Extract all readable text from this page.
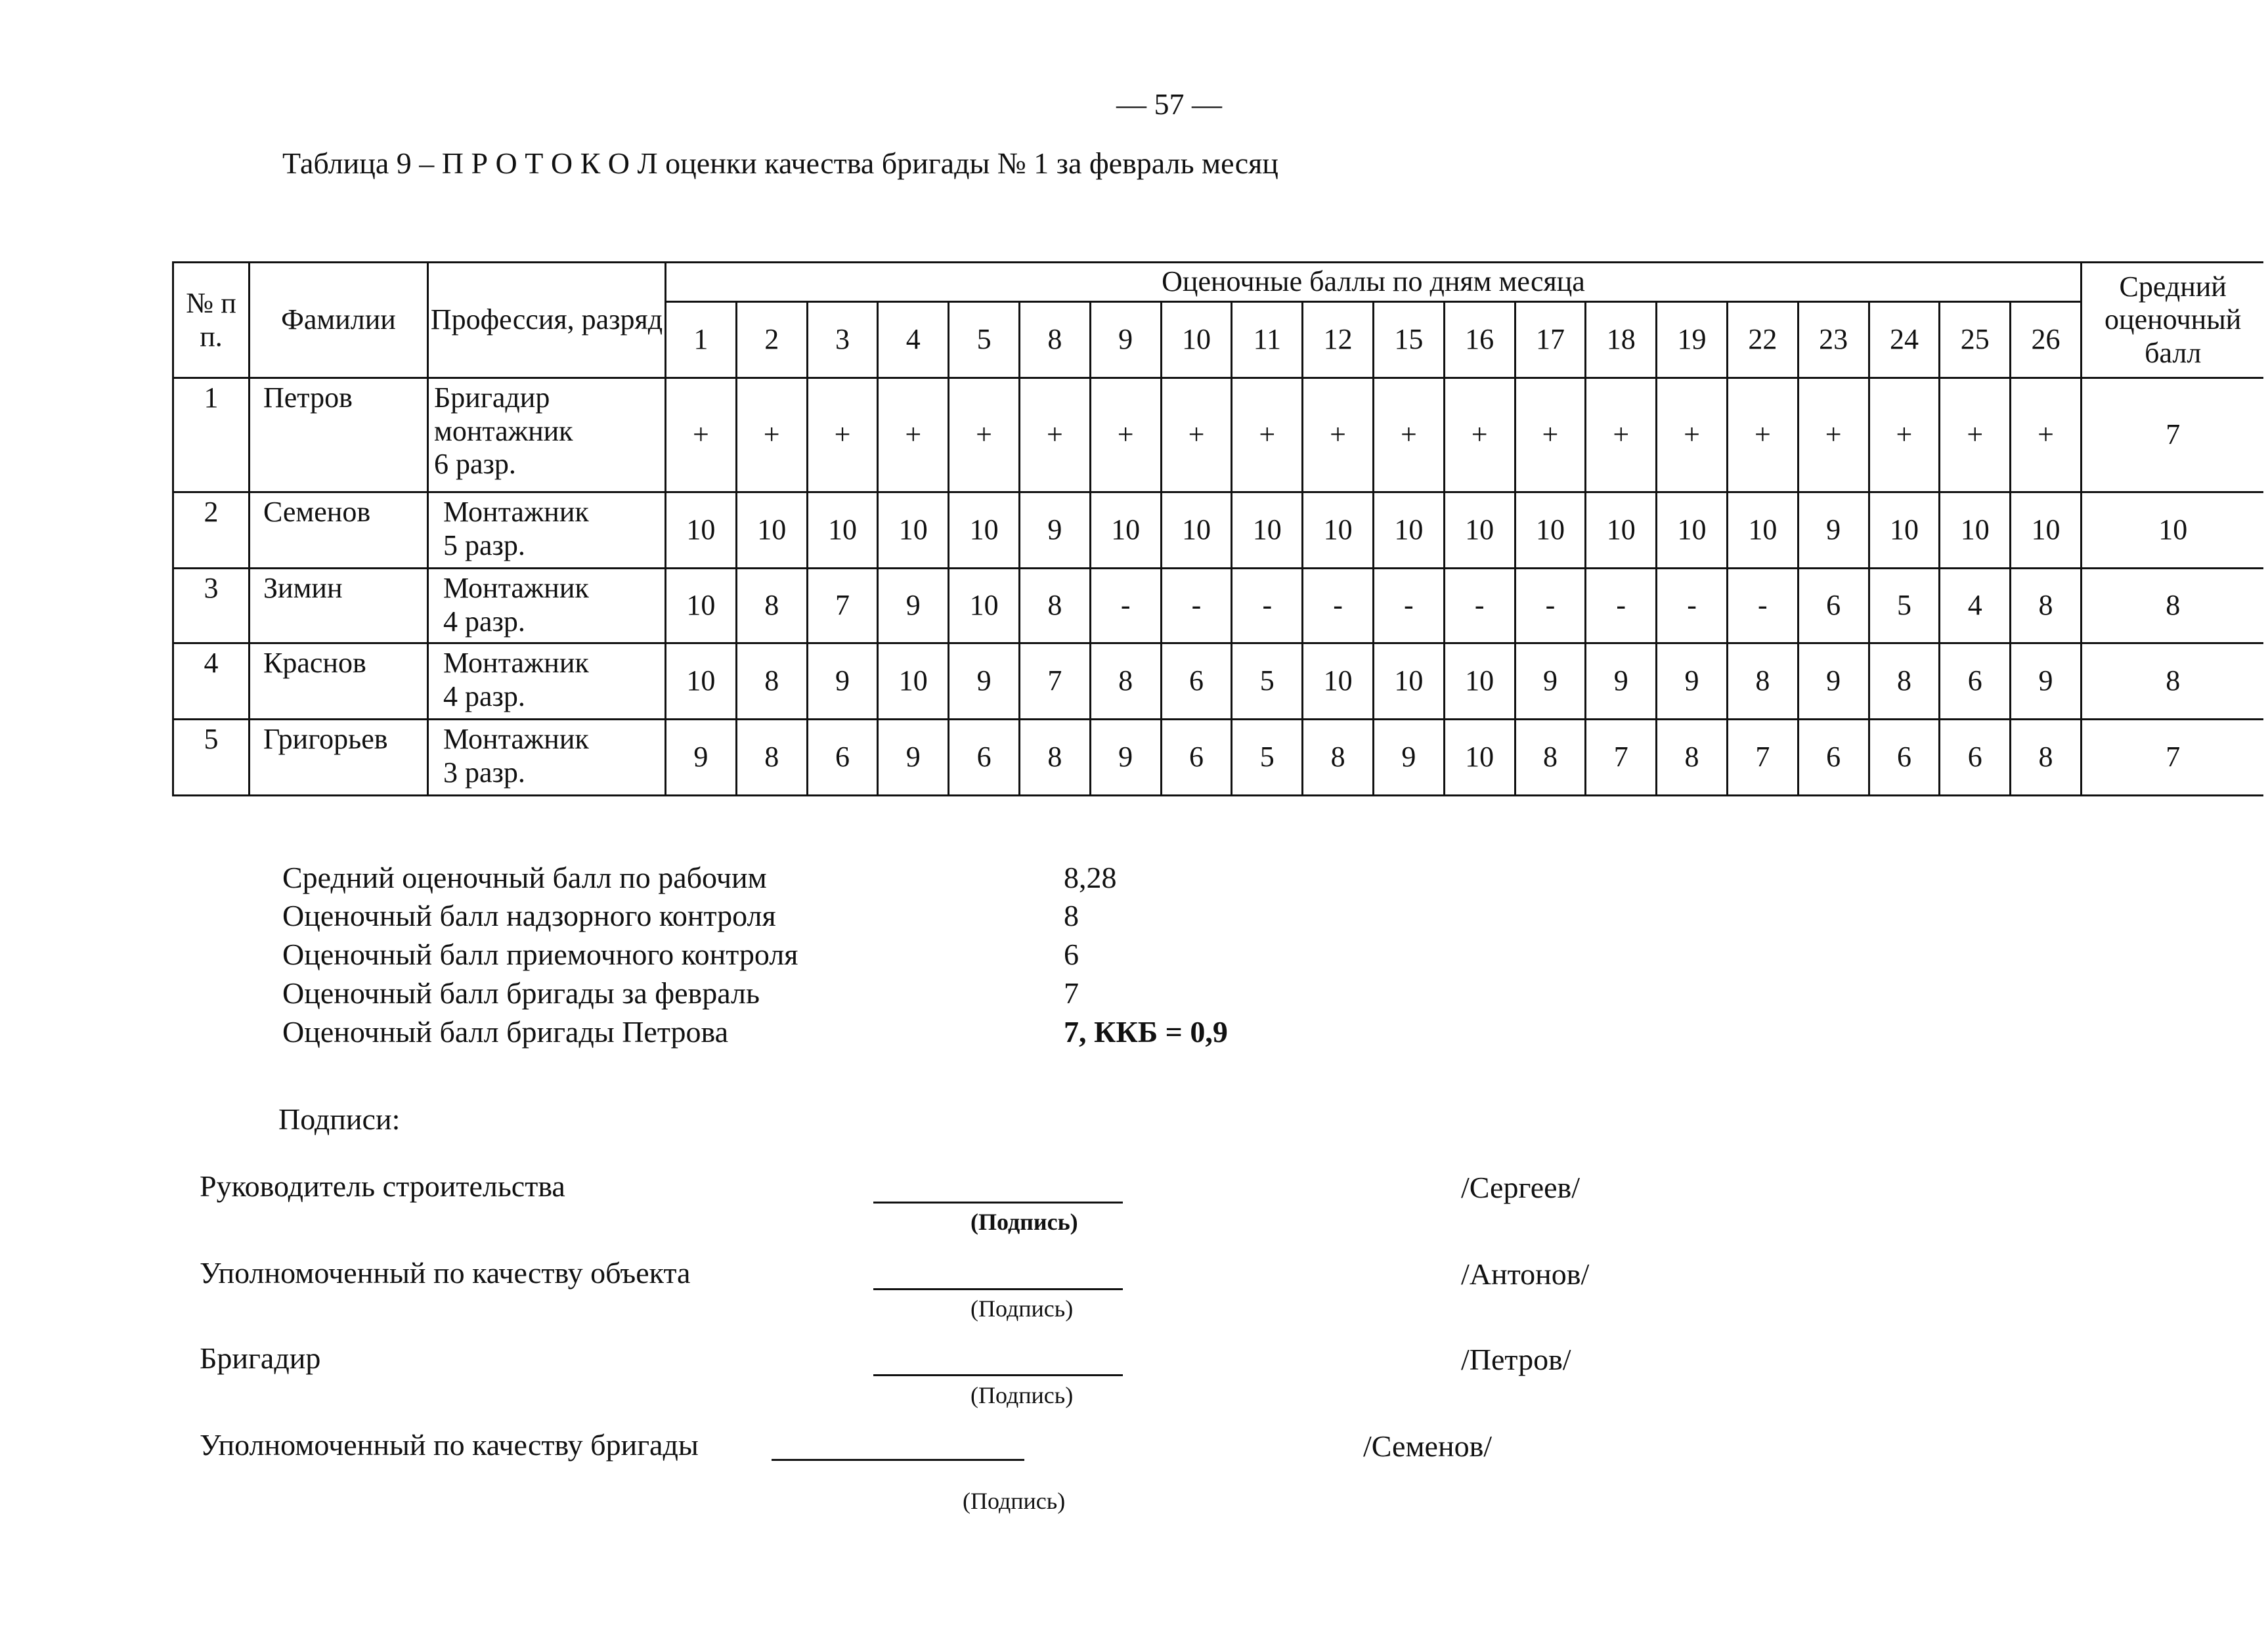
— 57 —
Таблица 9 – П Р О Т О К О Л оценки качества бригады № 1 за февраль месяц
№ п п.	Фамилии	Профессия, разряд	Оценочные баллы по дням месяца																				Средний оценочный балл
			1	2	3	4	5	8	9	10	11	12	15	16	17	18	19	22	23	24	25	26	
1	Петров	Бригадир
монтажник
6 разр.	+	+	+	+	+	+	+	+	+	+	+	+	+	+	+	+	+	+	+	+	7
2	Семенов	Монтажник
5 разр.	10	10	10	10	10	9	10	10	10	10	10	10	10	10	10	10	9	10	10	10	10
3	Зимин	Монтажник
4 разр.	10	8	7	9	10	8	-	-	-	-	-	-	-	-	-	-	6	5	4	8	8
4	Краснов	Монтажник
4 разр.	10	8	9	10	9	7	8	6	5	10	10	10	9	9	9	8	9	8	6	9	8
5	Григорьев	Монтажник
3 разр.	9	8	6	9	6	8	9	6	5	8	9	10	8	7	8	7	6	6	6	8	7
Средний оценочный балл по рабочим	8,28
Оценочный балл надзорного контроля	8
Оценочный балл приемочного контроля	6
Оценочный балл бригады за февраль	7
Оценочный балл бригады Петрова	7, ККБ = 0,9
Подписи:
Руководитель строительства
(Подпись)
/Сергеев/
Уполномоченный по качеству объекта
(Подпись)
/Антонов/
Бригадир
(Подпись)
/Петров/
Уполномоченный по качеству бригады
(Подпись)
/Семенов/
